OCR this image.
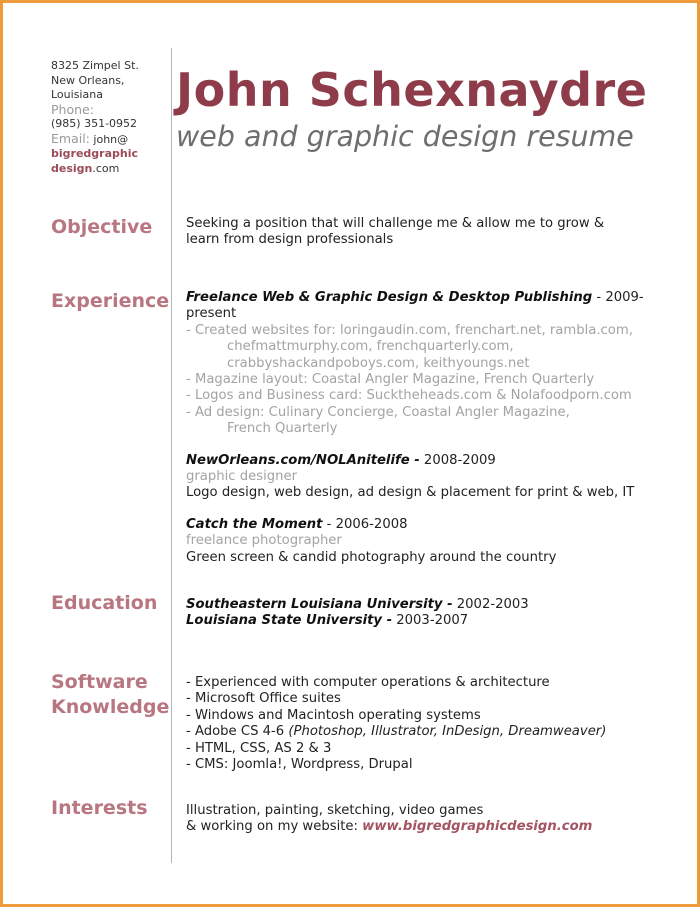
8325 Zimpel St.
New Orleans,
Louisiana
Phone:
(985) 351-0952
Email: john@
bigredgraphic
design.com
John Schexnaydre
web and graphic design resume
Objective	Seeking a position that will challenge me & allow me to grow &
learn from design professionals
Experience Freelance Web & Graphic Design & Desktop Publishing - 2009-present
- Created websites for: loringaudin.com, frenchart.net, rambla.com,
chefmattmurphy.com, frenchquarterly.com,
crabbyshackandpoboys.com, keithyoungs.net
- Magazine layout: Coastal Angler Magazine, French Quarterly
- Logos and Business card: Sucktheheads.com & Nolafoodporn.com
- Ad design: Culinary Concierge, Coastal Angler Magazine,
French Quarterly
NewOrleans.com/NOLAnitelife - 2008-2009
graphic designer
Logo design, web design, ad design & placement for print & web, IT
Catch the Moment - 2006-2008
freelance photographer
Green screen & candid photography around the country
Education Southeastern Louisiana University - 2002-2003
Louisiana State University - 2003-2007
Software
Knowledge
- Experienced with computer operations & architecture
- Microsoft Office suites
- Windows and Macintosh operating systems
- Adobe CS 4-6 (Photoshop, Illustrator, InDesign, Dreamweaver)
- HTML, CSS, AS 2 & 3
- CMS: Joomla!, Wordpress, Drupal
Interests	Illustration, painting, sketching, video games
& working on my website: www.bigredgraphicdesign.com
